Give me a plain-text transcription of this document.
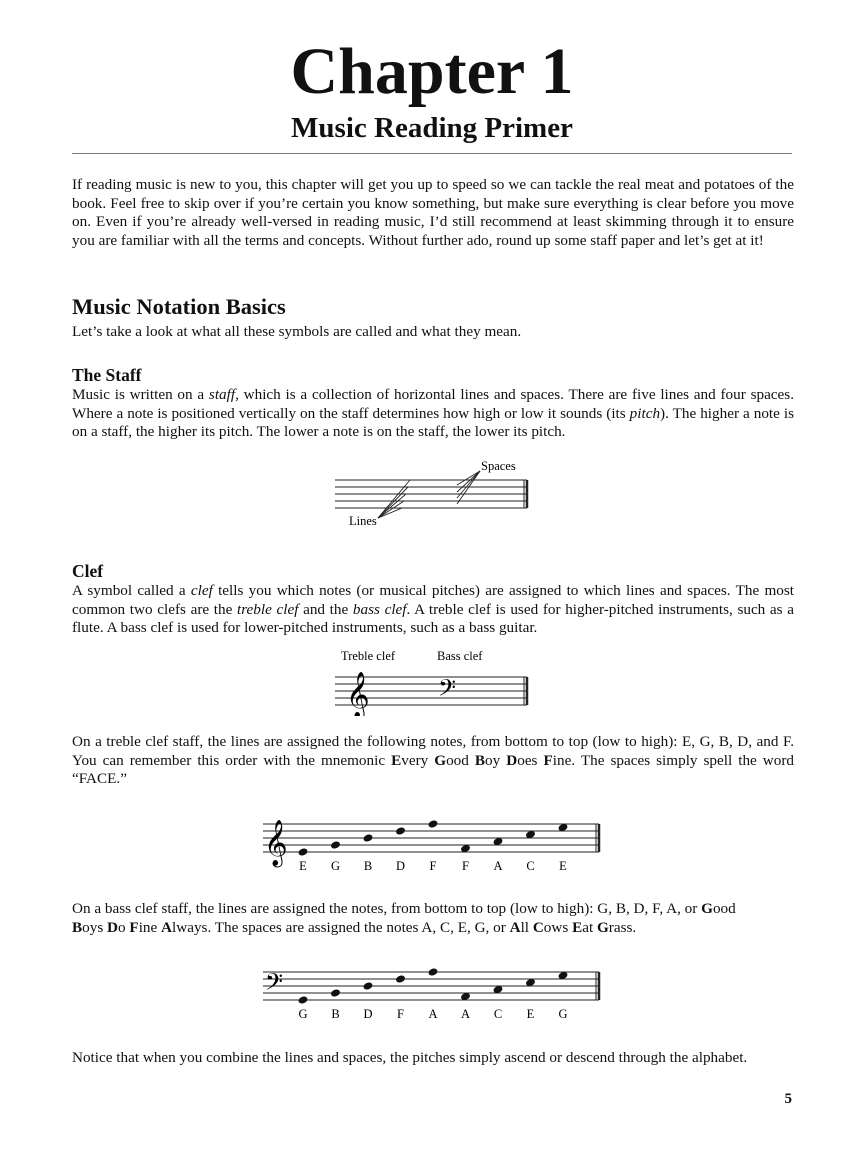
Chapter 1
Music Reading Primer

If reading music is new to you, this chapter will get you up to speed so we can tackle the real meat and potatoes of the book. Feel free to skip over if you’re certain you know something, but make sure everything is clear before you move on. Even if you’re already well-versed in reading music, I’d still recommend at least skimming through it to ensure you are familiar with all the terms and concepts. Without further ado, round up some staff paper and let’s get at it!

Music Notation Basics

Let’s take a look at what all these symbols are called and what they mean.

The Staff

Music is written on a staff, which is a collection of horizontal lines and spaces. There are five lines and four spaces. Where a note is positioned vertically on the staff determines how high or low it sounds (its pitch). The higher a note is on a staff, the higher its pitch. The lower a note is on the staff, the lower its pitch.

Spaces
Lines
Clef

A symbol called a clef tells you which notes (or musical pitches) are assigned to which lines and spaces. The most common two clefs are the treble clef and the bass clef. A treble clef is used for higher-pitched instruments, such as a flute. A bass clef is used for lower-pitched instruments, such as a bass guitar.

Treble clef	Bass clef
𝄞 𝄢

On a treble clef staff, the lines are assigned the following notes, from bottom to top (low to high): E, G, B, D, and F. You can remember this order with the mnemonic Every Good Boy Does Fine. The spaces simply spell the word “FACE.”

𝄞
E G B D F F A C E

On a bass clef staff, the lines are assigned the notes, from bottom to top (low to high): G, B, D, F, A, or Good
Boys Do Fine Always. The spaces are assigned the notes A, C, E, G, or All Cows Eat Grass.

𝄢
G B D F A A C E G

Notice that when you combine the lines and spaces, the pitches simply ascend or descend through the alphabet.

5
